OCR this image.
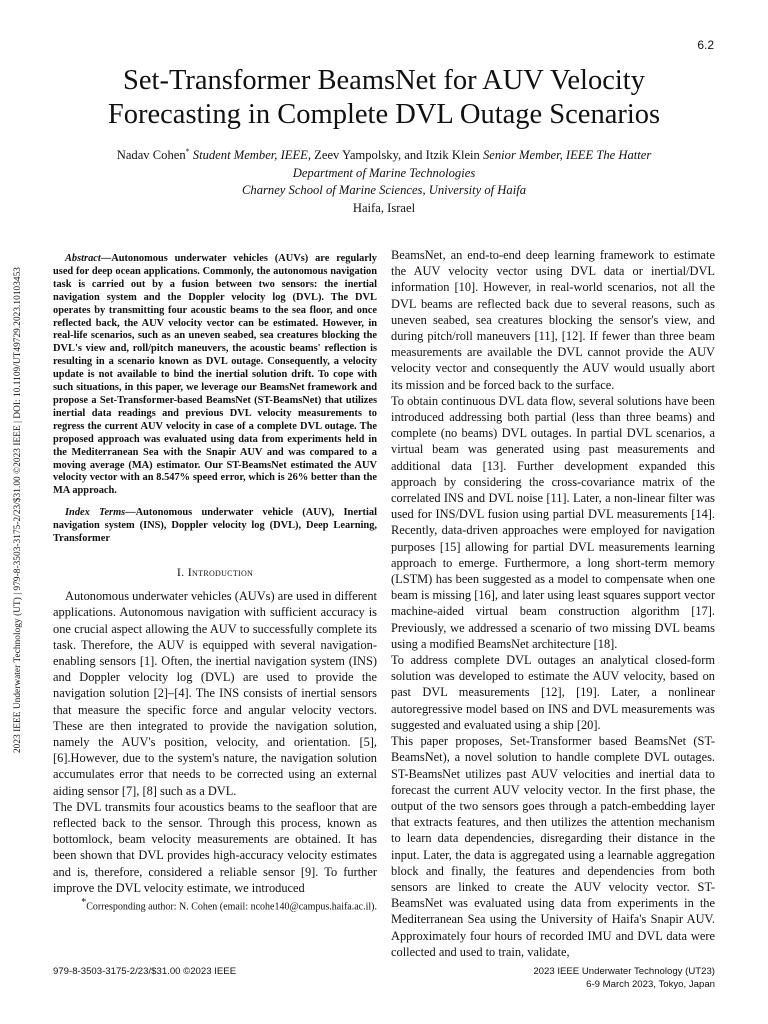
6.2
Set-Transformer BeamsNet for AUV Velocity
Forecasting in Complete DVL Outage Scenarios
Nadav Cohen* Student Member, IEEE, Zeev Yampolsky, and Itzik Klein Senior Member, IEEE The Hatter
Department of Marine Technologies
Charney School of Marine Sciences, University of Haifa
Haifa, Israel
2023 IEEE Underwater Technology (UT) | 979-8-3503-3175-2/23/$31.00 ©2023 IEEE | DOI: 10.1109/UT49729.2023.10103453

Abstract—Autonomous underwater vehicles (AUVs) are regularly used for deep ocean applications. Commonly, the autonomous navigation task is carried out by a fusion between two sensors: the inertial navigation system and the Doppler velocity log (DVL). The DVL operates by transmitting four acoustic beams to the sea floor, and once reflected back, the AUV velocity vector can be estimated. However, in real-life scenarios, such as an uneven seabed, sea creatures blocking the DVL's view and, roll/pitch maneuvers, the acoustic beams' reflection is resulting in a scenario known as DVL outage. Consequently, a velocity update is not available to bind the inertial solution drift. To cope with such situations, in this paper, we leverage our BeamsNet framework and propose a Set-Transformer-based BeamsNet (ST-BeamsNet) that utilizes inertial data readings and previous DVL velocity measurements to regress the current AUV velocity in case of a complete DVL outage. The proposed approach was evaluated using data from experiments held in the Mediterranean Sea with the Snapir AUV and was compared to a moving average (MA) estimator. Our ST-BeamsNet estimated the AUV velocity vector with an 8.547% speed error, which is 26% better than the MA approach.

Index Terms—Autonomous underwater vehicle (AUV), Inertial navigation system (INS), Doppler velocity log (DVL), Deep Learning, Transformer

I. Introduction

Autonomous underwater vehicles (AUVs) are used in different applications. Autonomous navigation with sufficient accuracy is one crucial aspect allowing the AUV to successfully complete its task. Therefore, the AUV is equipped with several navigation-enabling sensors [1]. Often, the inertial navigation system (INS) and Doppler velocity log (DVL) are used to provide the navigation solution [2]–[4]. The INS consists of inertial sensors that measure the specific force and angular velocity vectors. These are then integrated to provide the navigation solution, namely the AUV's position, velocity, and orientation. [5], [6].However, due to the system's nature, the navigation solution accumulates error that needs to be corrected using an external aiding sensor [7], [8] such as a DVL.

The DVL transmits four acoustics beams to the seafloor that are reflected back to the sensor. Through this process, known as bottomlock, beam velocity measurements are obtained. It has been shown that DVL provides high-accuracy velocity estimates and is, therefore, considered a reliable sensor [9]. To further improve the DVL velocity estimate, we introduced

BeamsNet, an end-to-end deep learning framework to estimate the AUV velocity vector using DVL data or inertial/DVL information [10]. However, in real-world scenarios, not all the DVL beams are reflected back due to several reasons, such as uneven seabed, sea creatures blocking the sensor's view, and during pitch/roll maneuvers [11], [12]. If fewer than three beam measurements are available the DVL cannot provide the AUV velocity vector and consequently the AUV would usually abort its mission and be forced back to the surface.

To obtain continuous DVL data flow, several solutions have been introduced addressing both partial (less than three beams) and complete (no beams) DVL outages. In partial DVL scenarios, a virtual beam was generated using past measurements and additional data [13]. Further development expanded this approach by considering the cross-covariance matrix of the correlated INS and DVL noise [11]. Later, a non-linear filter was used for INS/DVL fusion using partial DVL measurements [14]. Recently, data-driven approaches were employed for navigation purposes [15] allowing for partial DVL measurements learning approach to emerge. Furthermore, a long short-term memory (LSTM) has been suggested as a model to compensate when one beam is missing [16], and later using least squares support vector machine-aided virtual beam construction algorithm [17]. Previously, we addressed a scenario of two missing DVL beams using a modified BeamsNet architecture [18].

To address complete DVL outages an analytical closed-form solution was developed to estimate the AUV velocity, based on past DVL measurements [12], [19]. Later, a nonlinear autoregressive model based on INS and DVL measurements was suggested and evaluated using a ship [20].

This paper proposes, Set-Transformer based BeamsNet (ST-BeamsNet), a novel solution to handle complete DVL outages. ST-BeamsNet utilizes past AUV velocities and inertial data to forecast the current AUV velocity vector. In the first phase, the output of the two sensors goes through a patch-embedding layer that extracts features, and then utilizes the attention mechanism to learn data dependencies, disregarding their distance in the input. Later, the data is aggregated using a learnable aggregation block and finally, the features and dependencies from both sensors are linked to create the AUV velocity vector. ST-BeamsNet was evaluated using data from experiments in the Mediterranean Sea using the University of Haifa's Snapir AUV. Approximately four hours of recorded IMU and DVL data were collected and used to train, validate,

*Corresponding author: N. Cohen (email: ncohe140@campus.haifa.ac.il).
979-8-3503-3175-2/23/$31.00 ©2023 IEEE	2023 IEEE Underwater Technology (UT23)
6-9 March 2023, Tokyo, Japan
